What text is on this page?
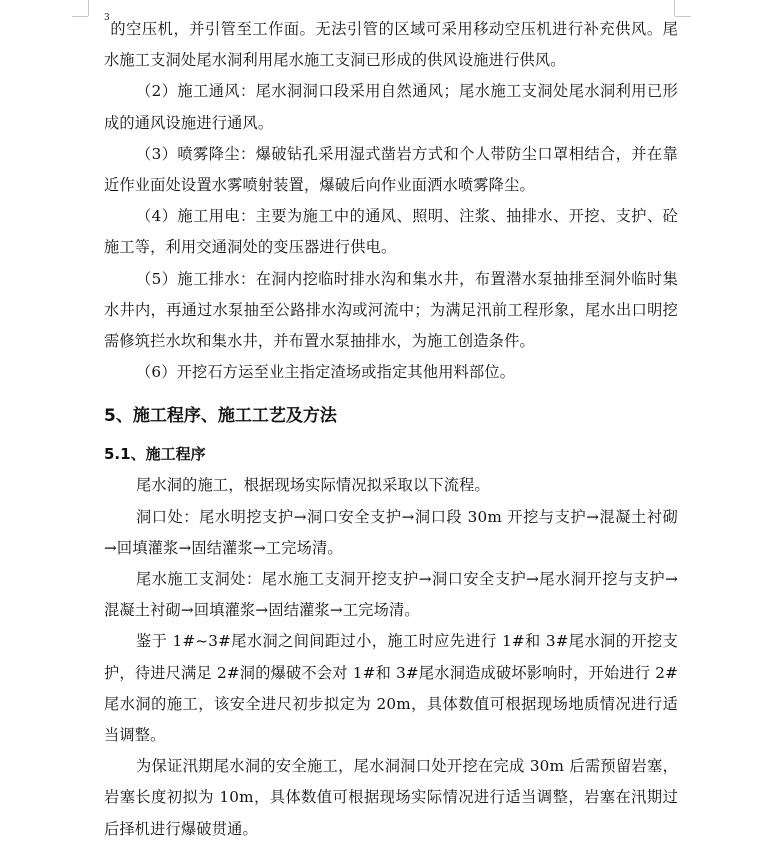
$^3$的空压机，并引管至工作面。无法引管的区域可采用移动空压机进行补充供风。尾水施工支洞处尾水洞利用尾水施工支洞已形成的供风设施进行供风。

（2）施工通风：尾水洞洞口段采用自然通风；尾水施工支洞处尾水洞利用已形成的通风设施进行通风。

（3）喷雾降尘：爆破钻孔采用湿式凿岩方式和个人带防尘口罩相结合，并在靠近作业面处设置水雾喷射装置，爆破后向作业面洒水喷雾降尘。

（4）施工用电：主要为施工中的通风、照明、注浆、抽排水、开挖、支护、砼施工等，利用交通洞处的变压器进行供电。

（5）施工排水：在洞内挖临时排水沟和集水井，布置潜水泵抽排至洞外临时集水井内，再通过水泵抽至公路排水沟或河流中；为满足汛前工程形象，尾水出口明挖需修筑拦水坎和集水井，并布置水泵抽排水，为施工创造条件。

（6）开挖石方运至业主指定渣场或指定其他用料部位。

5、施工程序、施工工艺及方法
5.1、施工程序

尾水洞的施工，根据现场实际情况拟采取以下流程。

洞口处：尾水明挖支护→洞口安全支护→洞口段 30m 开挖与支护→混凝土衬砌→回填灌浆→固结灌浆→工完场清。

尾水施工支洞处：尾水施工支洞开挖支护→洞口安全支护→尾水洞开挖与支护→混凝土衬砌→回填灌浆→固结灌浆→工完场清。

鉴于 1#~3#尾水洞之间间距过小，施工时应先进行 1#和 3#尾水洞的开挖支护，待进尺满足 2#洞的爆破不会对 1#和 3#尾水洞造成破坏影响时，开始进行 2#尾水洞的施工，该安全进尺初步拟定为 20m，具体数值可根据现场地质情况进行适当调整。

为保证汛期尾水洞的安全施工，尾水洞洞口处开挖在完成 30m 后需预留岩塞，岩塞长度初拟为 10m，具体数值可根据现场实际情况进行适当调整，岩塞在汛期过后择机进行爆破贯通。
